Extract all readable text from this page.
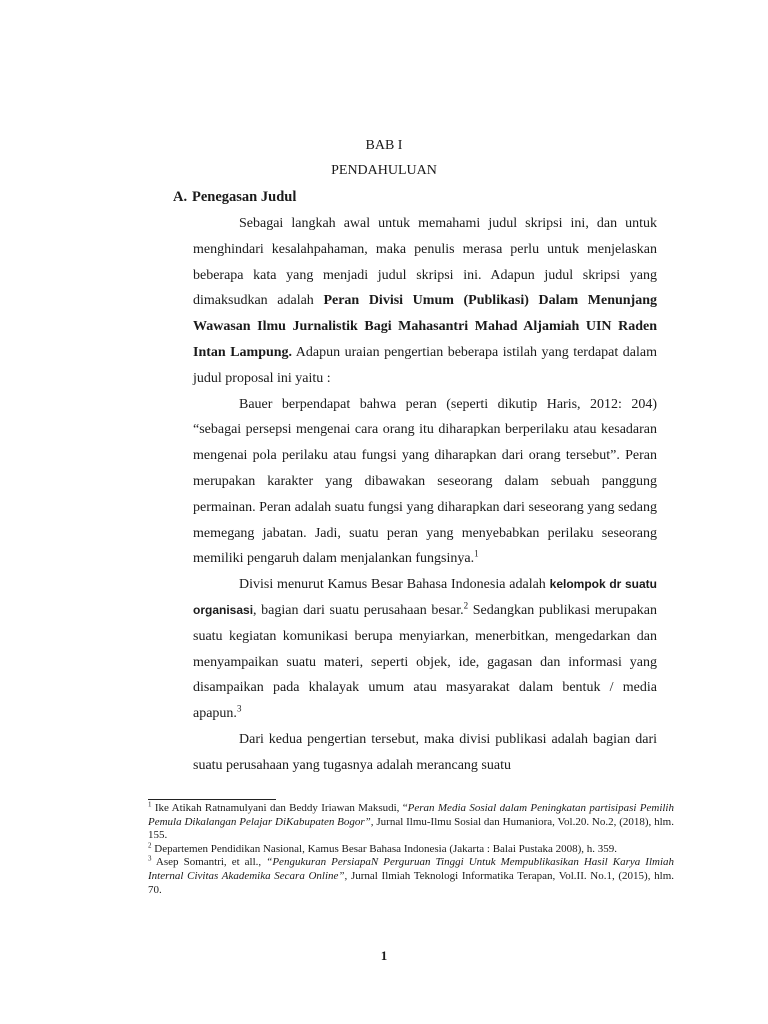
BAB I
PENDAHULUAN
A. Penegasan Judul

Sebagai langkah awal untuk memahami judul skripsi ini, dan untuk menghindari kesalahpahaman, maka penulis merasa perlu untuk menjelaskan beberapa kata yang menjadi judul skripsi ini. Adapun judul skripsi yang dimaksudkan adalah Peran Divisi Umum (Publikasi) Dalam Menunjang Wawasan Ilmu Jurnalistik Bagi Mahasantri Mahad Aljamiah UIN Raden Intan Lampung. Adapun uraian pengertian beberapa istilah yang terdapat dalam judul proposal ini yaitu :

Bauer berpendapat bahwa peran (seperti dikutip Haris, 2012: 204) “sebagai persepsi mengenai cara orang itu diharapkan berperilaku atau kesadaran mengenai pola perilaku atau fungsi yang diharapkan dari orang tersebut”. Peran merupakan karakter yang dibawakan seseorang dalam sebuah panggung permainan. Peran adalah suatu fungsi yang diharapkan dari seseorang yang sedang memegang jabatan. Jadi, suatu peran yang menyebabkan perilaku seseorang memiliki pengaruh dalam menjalankan fungsinya.$^1$

Divisi menurut Kamus Besar Bahasa Indonesia adalah kelompok dr suatu organisasi, bagian dari suatu perusahaan besar.$^2$ Sedangkan publikasi merupakan suatu kegiatan komunikasi berupa menyiarkan, menerbitkan, mengedarkan dan menyampaikan suatu materi, seperti objek, ide, gagasan dan informasi yang disampaikan pada khalayak umum atau masyarakat dalam bentuk / media apapun.$^3$

Dari kedua pengertian tersebut, maka divisi publikasi adalah bagian dari suatu perusahaan yang tugasnya adalah merancang suatu

$^1$ Ike Atikah Ratnamulyani dan Beddy Iriawan Maksudi, “Peran Media Sosial dalam Peningkatan partisipasi Pemilih Pemula Dikalangan Pelajar DiKabupaten Bogor”, Jurnal Ilmu-Ilmu Sosial dan Humaniora, Vol.20. No.2, (2018), hlm. 155.

$^2$ Departemen Pendidikan Nasional, Kamus Besar Bahasa Indonesia (Jakarta : Balai Pustaka 2008), h. 359.

$^3$ Asep Somantri, et all., “Pengukuran PersiapaN Perguruan Tinggi Untuk Mempublikasikan Hasil Karya Ilmiah Internal Civitas Akademika Secara Online”, Jurnal Ilmiah Teknologi Informatika Terapan, Vol.II. No.1, (2015), hlm. 70.

1
